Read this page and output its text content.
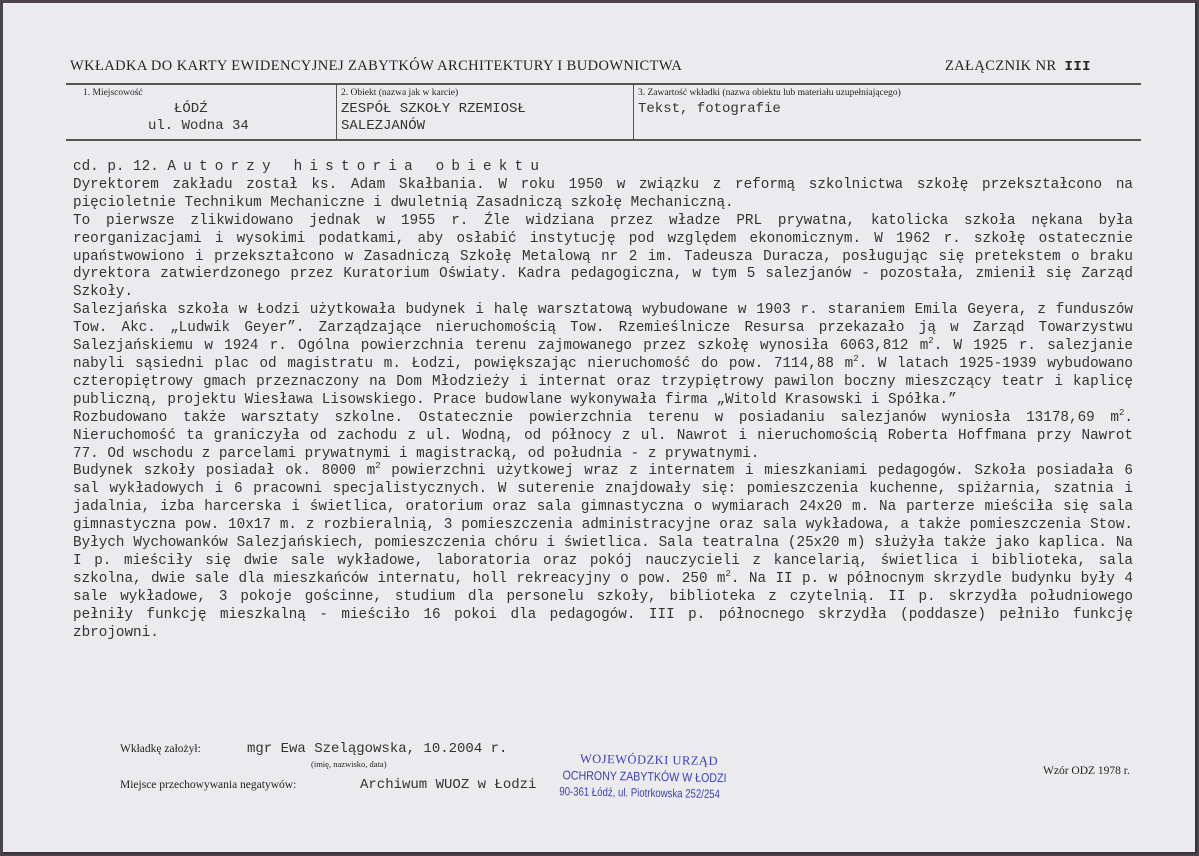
WKŁADKA DO KARTY EWIDENCYJNEJ ZABYTKÓW ARCHITEKTURY I BUDOWNICTWA	ZAŁĄCZNIK NR III
1. Miejscowość
ŁÓDŹ
ul. Wodna 34
2. Obiekt (nazwa jak w karcie)
ZESPÓŁ SZKOŁY RZEMIOSŁ
SALEZJANÓW
3. Zawartość wkładki (nazwa obiektu lub materiału uzupełniającego)
Tekst, fotografie

cd. p. 12. Autorzy historia obiektu

Dyrektorem zakładu został ks. Adam Skałbania. W roku 1950 w związku z reformą szkolnictwa szkołę przekształcono na pięcioletnie Technikum Mechaniczne i dwuletnią Zasadniczą szkołę Mechaniczną.

To pierwsze zlikwidowano jednak w 1955 r. Źle widziana przez władze PRL prywatna, katolicka szkoła nękana była reorganizacjami i wysokimi podatkami, aby osłabić instytucję pod względem ekonomicznym. W 1962 r. szkołę ostatecznie upaństwowiono i przekształcono w Zasadniczą Szkołę Metalową nr 2 im. Tadeusza Duracza, posługując się pretekstem o braku dyrektora zatwierdzonego przez Kuratorium Oświaty. Kadra pedagogiczna, w tym 5 salezjanów - pozostała, zmienił się Zarząd Szkoły.

Salezjańska szkoła w Łodzi użytkowała budynek i halę warsztatową wybudowane w 1903 r. staraniem Emila Geyera, z funduszów Tow. Akc. „Ludwik Geyer”. Zarządzające nieruchomością Tow. Rzemieślnicze Resursa przekazało ją w Zarząd Towarzystwu Salezjańskiemu w 1924 r. Ogólna powierzchnia terenu zajmowanego przez szkołę wynosiła 6063,812 $m^2$. W 1925 r. salezjanie nabyli sąsiedni plac od magistratu m. Łodzi, powiększając nieruchomość do pow. 7114,88 $m^2$. W latach 1925-1939 wybudowano czteropiętrowy gmach przeznaczony na Dom Młodzieży i internat oraz trzypiętrowy pawilon boczny mieszczący teatr i kaplicę publiczną, projektu Wiesława Lisowskiego. Prace budowlane wykonywała firma „Witold Krasowski i Spółka.”

Rozbudowano także warsztaty szkolne. Ostatecznie powierzchnia terenu w posiadaniu salezjanów wyniosła 13178,69 $m^2$. Nieruchomość ta graniczyła od zachodu z ul. Wodną, od północy z ul. Nawrot i nieruchomością Roberta Hoffmana przy Nawrot 77. Od wschodu z parcelami prywatnymi i magistracką, od południa - z prywatnymi.

Budynek szkoły posiadał ok. 8000 $m^2$ powierzchni użytkowej wraz z internatem i mieszkaniami pedagogów. Szkoła posiadała 6 sal wykładowych i 6 pracowni specjalistycznych. W suterenie znajdowały się: pomieszczenia kuchenne, spiżarnia, szatnia i jadalnia, izba harcerska i świetlica, oratorium oraz sala gimnastyczna o wymiarach 24x20 m. Na parterze mieściła się sala gimnastyczna pow. 10x17 m. z rozbieralnią, 3 pomieszczenia administracyjne oraz sala wykładowa, a także pomieszczenia Stow. Byłych Wychowanków Salezjańskiech, pomieszczenia chóru i świetlica. Sala teatralna (25x20 m) służyła także jako kaplica. Na I p. mieściły się dwie sale wykładowe, laboratoria oraz pokój nauczycieli z kancelarią, świetlica i biblioteka, sala szkolna, dwie sale dla mieszkańców internatu, holl rekreacyjny o pow. 250 $m^2$. Na II p. w północnym skrzydle budynku były 4 sale wykładowe, 3 pokoje gościnne, studium dla personelu szkoły, biblioteka z czytelnią. II p. skrzydła południowego pełniły funkcję mieszkalną - mieściło 16 pokoi dla pedagogów. III p. północnego skrzydła (poddasze) pełniło funkcję zbrojowni.

Wkładkę założył:	mgr Ewa Szelągowska, 10.2004 r.
(imię, nazwisko, data)
Miejsce przechowywania negatywów:	Archiwum WUOZ w Łodzi
Wzór ODZ 1978 r.
WOJEWÓDZKI URZĄD
OCHRONY ZABYTKÓW W ŁODZI
90-361 Łódź, ul. Piotrkowska 252/254
